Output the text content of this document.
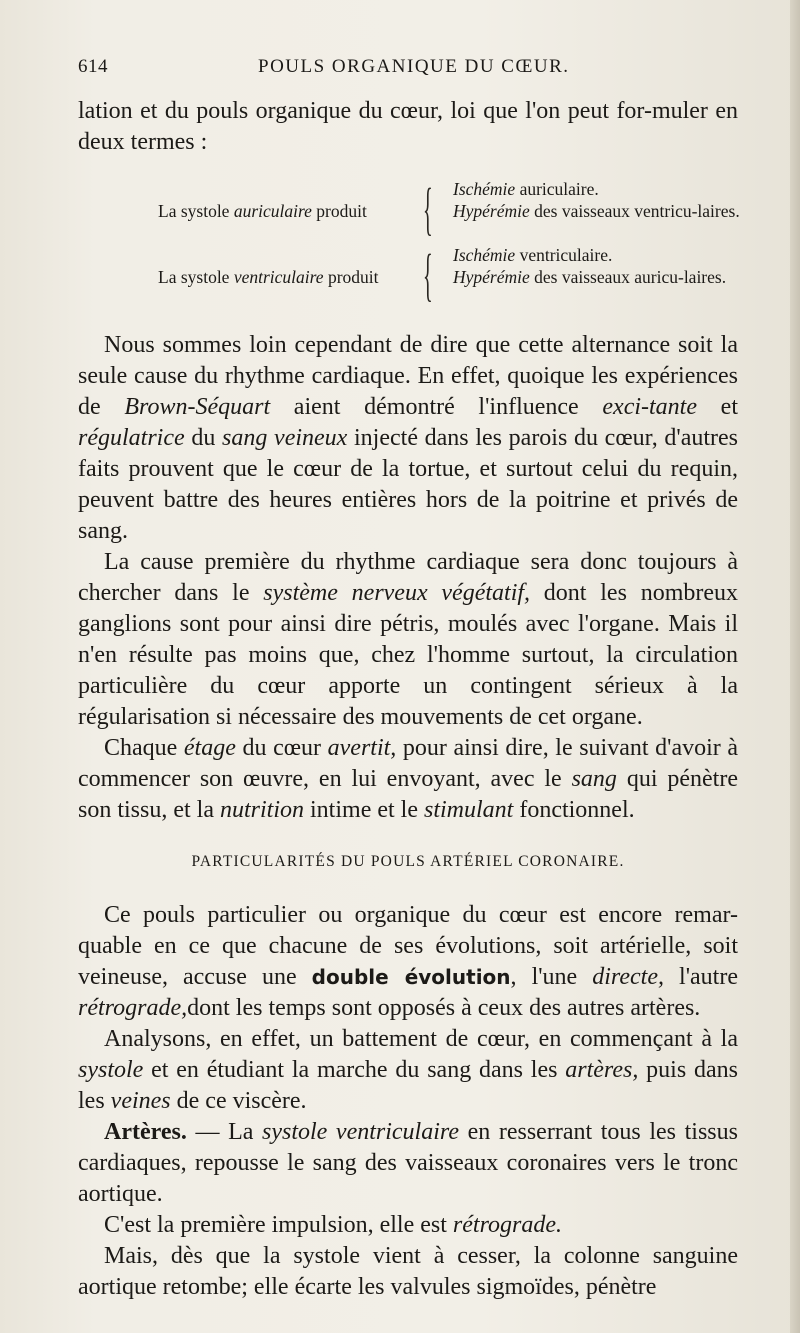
614	POULS ORGANIQUE DU CŒUR.

lation et du pouls organique du cœur, loi que l'on peut for-muler en deux termes :

La systole auriculaire produit { Ischémie auriculaire.
Hypérémie des vaisseaux ventricu-laires.
La systole ventriculaire produit { Ischémie ventriculaire.
Hypérémie des vaisseaux auricu-laires.

Nous sommes loin cependant de dire que cette alternance soit la seule cause du rhythme cardiaque. En effet, quoique les expériences de Brown-Séquart aient démontré l'influence exci-tante et régulatrice du sang veineux injecté dans les parois du cœur, d'autres faits prouvent que le cœur de la tortue, et surtout celui du requin, peuvent battre des heures entières hors de la poitrine et privés de sang.

La cause première du rhythme cardiaque sera donc toujours à chercher dans le système nerveux végétatif, dont les nombreux ganglions sont pour ainsi dire pétris, moulés avec l'organe. Mais il n'en résulte pas moins que, chez l'homme surtout, la circulation particulière du cœur apporte un contingent sérieux à la régularisation si nécessaire des mouvements de cet organe.

Chaque étage du cœur avertit, pour ainsi dire, le suivant d'avoir à commencer son œuvre, en lui envoyant, avec le sang qui pénètre son tissu, et la nutrition intime et le stimulant fonctionnel.

PARTICULARITÉS DU POULS ARTÉRIEL CORONAIRE.

Ce pouls particulier ou organique du cœur est encore remar-quable en ce que chacune de ses évolutions, soit artérielle, soit veineuse, accuse une double évolution, l'une directe, l'autre rétrograde,dont les temps sont opposés à ceux des autres artères.

Analysons, en effet, un battement de cœur, en commençant à la systole et en étudiant la marche du sang dans les artères, puis dans les veines de ce viscère.

Artères. — La systole ventriculaire en resserrant tous les tissus cardiaques, repousse le sang des vaisseaux coronaires vers le tronc aortique.

C'est la première impulsion, elle est rétrograde.

Mais, dès que la systole vient à cesser, la colonne sanguine aortique retombe; elle écarte les valvules sigmoïdes, pénètre
